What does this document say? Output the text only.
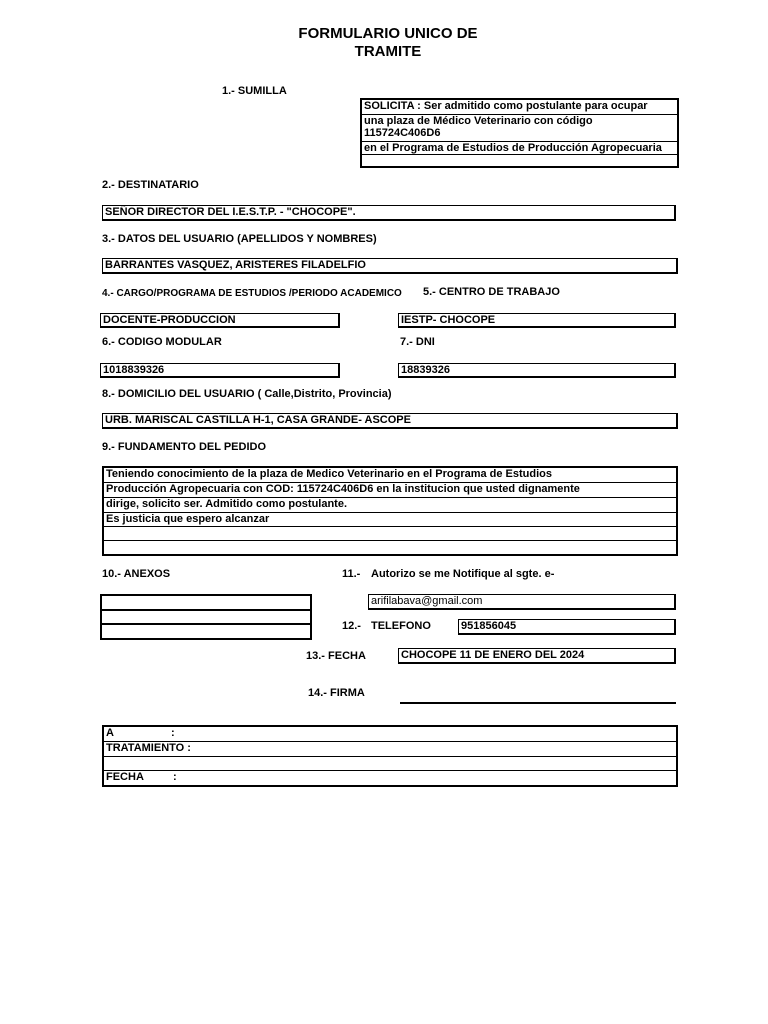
FORMULARIO UNICO DE
TRAMITE
1.- SUMILLA
SOLICITA : Ser admitido como postulante para ocupar
una plaza de Médico Veterinario con código
115724C406D6
en el Programa de Estudios de Producción Agropecuaria
2.- DESTINATARIO
SEÑOR DIRECTOR DEL I.E.S.T.P. - "CHOCOPE".
3.- DATOS DEL USUARIO (APELLIDOS Y NOMBRES)
BARRANTES VASQUEZ, ARISTERES FILADELFIO
4.- CARGO/PROGRAMA DE ESTUDIOS /PERIODO ACADEMICO 5.- CENTRO DE TRABAJO
DOCENTE-PRODUCCION	IESTP- CHOCOPE
6.- CODIGO MODULAR	7.- DNI
1018839326	18839326
8.- DOMICILIO DEL USUARIO ( Calle,Distrito, Provincia)
URB. MARISCAL CASTILLA H-1, CASA GRANDE- ASCOPE
9.- FUNDAMENTO DEL PEDIDO
Teniendo conocimiento de la plaza de Medico Veterinario en el Programa de Estudios
Producción Agropecuaria con COD: 115724C406D6 en la institucion que usted dignamente
dirige, solicito ser. Admitido como postulante.
Es justicia que espero alcanzar
10.- ANEXOS	11.- Autorizo se me Notifique al sgte. e-
arifilabava@gmail.com
12.- TELEFONO	951856045
13.- FECHA	CHOCOPE 11 DE ENERO DEL 2024
14.- FIRMA
A	:
TRATAMIENTO :
FECHA	:
